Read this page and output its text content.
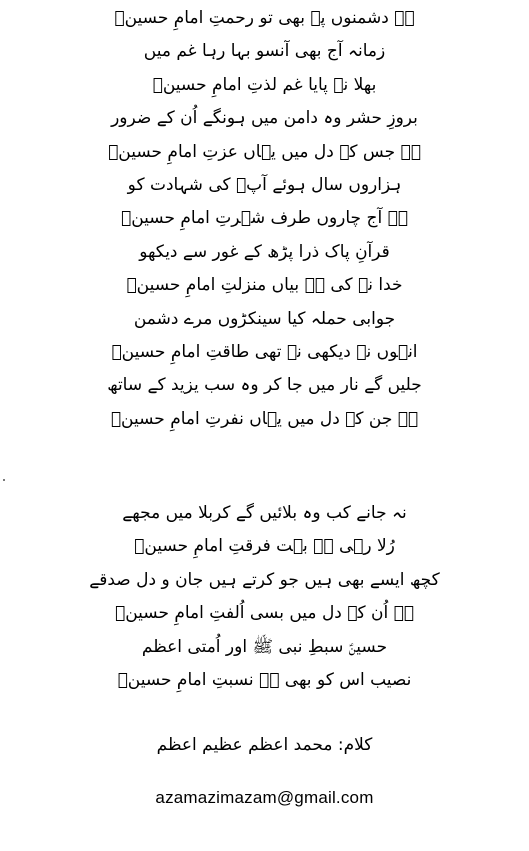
ہے دشمنوں پہ بھی تو رحمتِ امامِ حسینؑ
زمانہ آج بھی آنسو بہا رہا غم میں
بھلا نہ پایا غم لذتِ امامِ حسینؑ
بروزِ حشر وہ دامن میں ہونگے اُن کے ضرور
ہے جس کے دل میں یہاں عزتِ امامِ حسینؑ
ہزاروں سال ہوئے آپؑ کی شہادت کو
ہے آج چاروں طرف شہرتِ امامِ حسینؑ
قرآنِ پاک ذرا پڑھ کے غور سے دیکھو
خدا نے کی ہے بیاں منزلتِ امامِ حسینؑ
جوابی حملہ کیا سینکڑوں مرے دشمن
انہوں نے دیکھی نہ تھی طاقتِ امامِ حسینؑ
جلیں گے نار میں جا کر وہ سب یزید کے ساتھ
ہے جن کے دل میں یہاں نفرتِ امامِ حسینؑ
نہ جانے کب وہ بلائیں گے کربلا میں مجھے
رُلا رہی ہے بہت فرقتِ امامِ حسینؑ
کچھ ایسے بھی ہیں جو کرتے ہیں جان و دل صدقے
ہے اُن کے دل میں بسی اُلفتِ امامِ حسینؑ
حسینؑ سبطِ نبی ﷺ اور اُمتی اعظم
نصیب اس کو بھی ہے نسبتِ امامِ حسینؑ
کلام: محمد اعظم عظیم اعظم
azamazimazam@gmail.com
